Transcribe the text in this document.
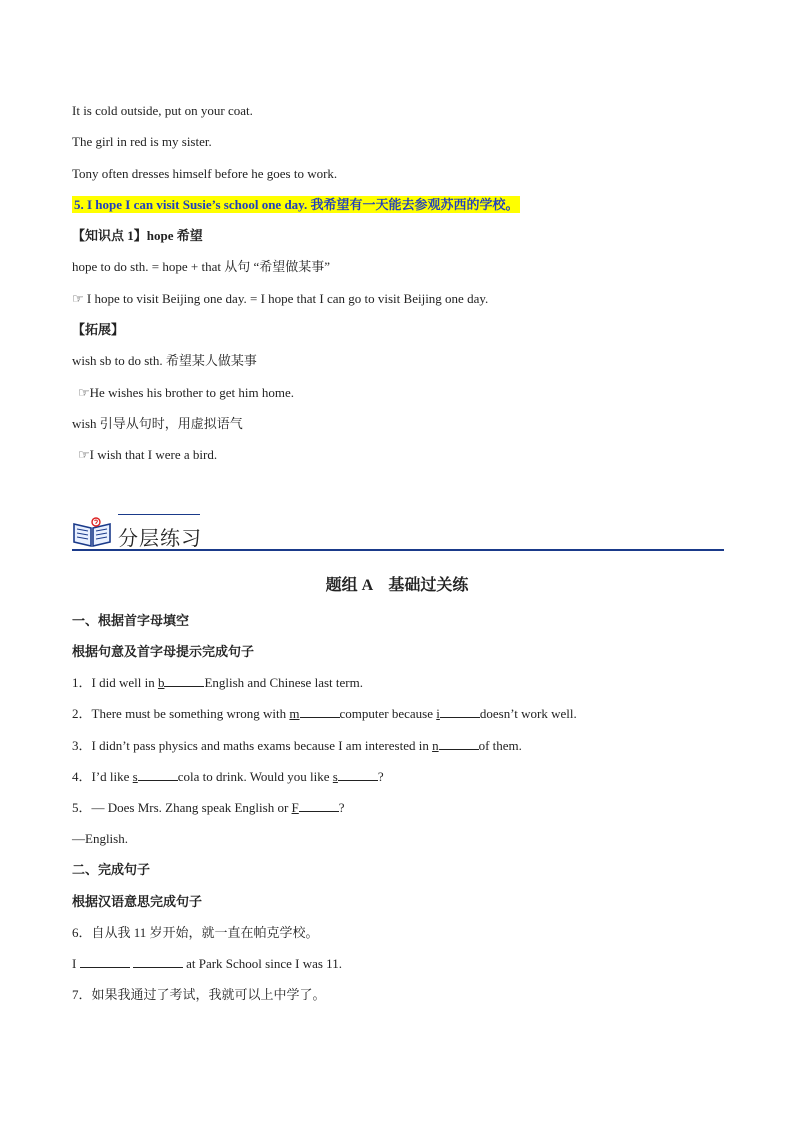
It is cold outside, put on your coat.
The girl in red is my sister.
Tony often dresses himself before he goes to work.
5. I hope I can visit Susie’s school one day. 我希望有一天能去参观苏西的学校。
【知识点 1】hope 希望
hope to do sth. = hope + that 从句 “希望做某事”
☞ I hope to visit Beijing one day. = I hope that I can go to visit Beijing one day.
【拓展】
wish sb to do sth. 希望某人做某事
☞He wishes his brother to get him home.
wish 引导从句时，用虚拟语气
☞I wish that I were a bird.
分层练习
题组 A　基础过关练
一、根据首字母填空
根据句意及首字母提示完成句子
1．I did well in b	English and Chinese last term.
2．There must be something wrong with m	computer because i	doesn’t work well.
3．I didn’t pass physics and maths exams because I am interested in n	of them.
4．I’d like s	cola to drink. Would you like s	?
5．— Does Mrs. Zhang speak English or F	?
—English.
二、完成句子
根据汉语意思完成句子
6．自从我 11 岁开始，就一直在帕克学校。
I	at Park School since I was 11.
7．如果我通过了考试，我就可以上中学了。
